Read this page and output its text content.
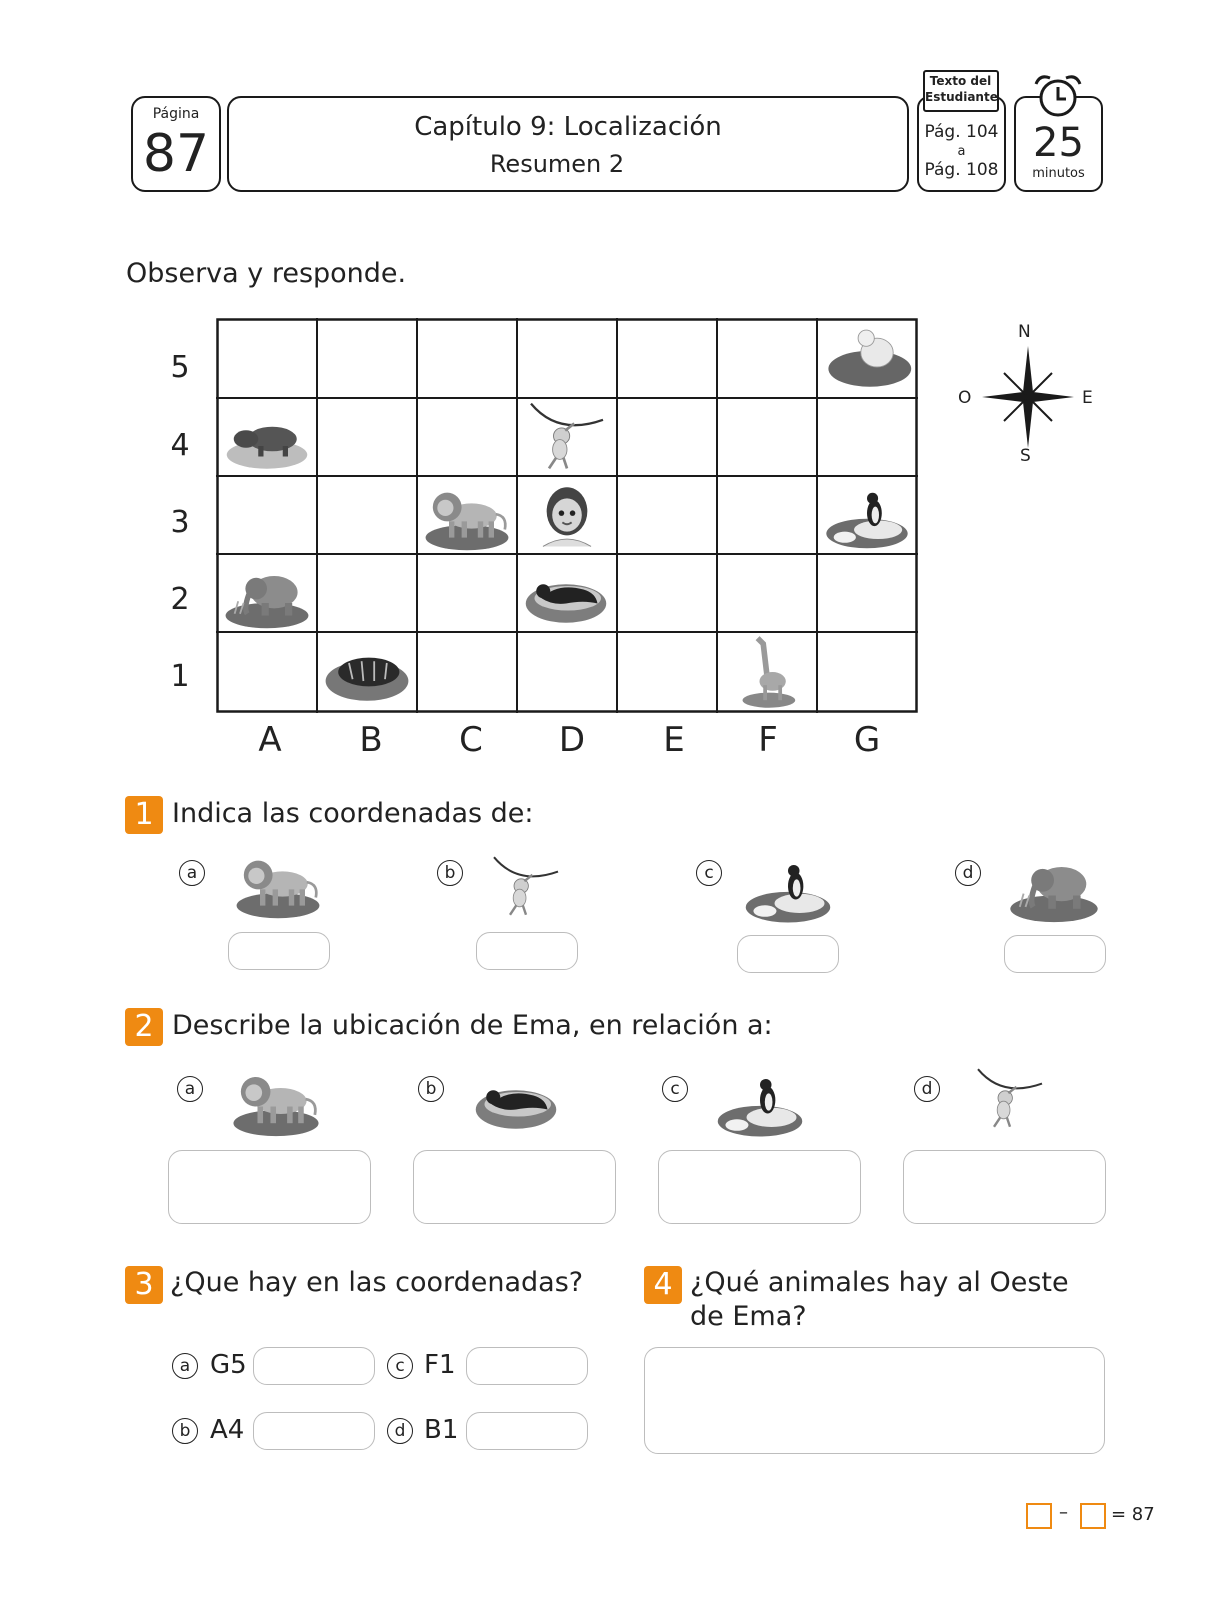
Página
87	Capítulo 9: Localización
Resumen 2
Pág. 104
a
Pág. 108
Texto del
Estudiante
25
minutos
Observa y responde.
5
4
3
2
1
A	B	C	D	E	F	G
N
S
O	E
1 Indica las coordenadas de:
a	b	c	d
2 Describe la ubicación de Ema, en relación a:
a	b	c	d
3 ¿Que hay en las coordenadas?
a G5	c F1
b A4	d B1
4 ¿Qué animales hay al Oeste
de Ema?
– = 87
